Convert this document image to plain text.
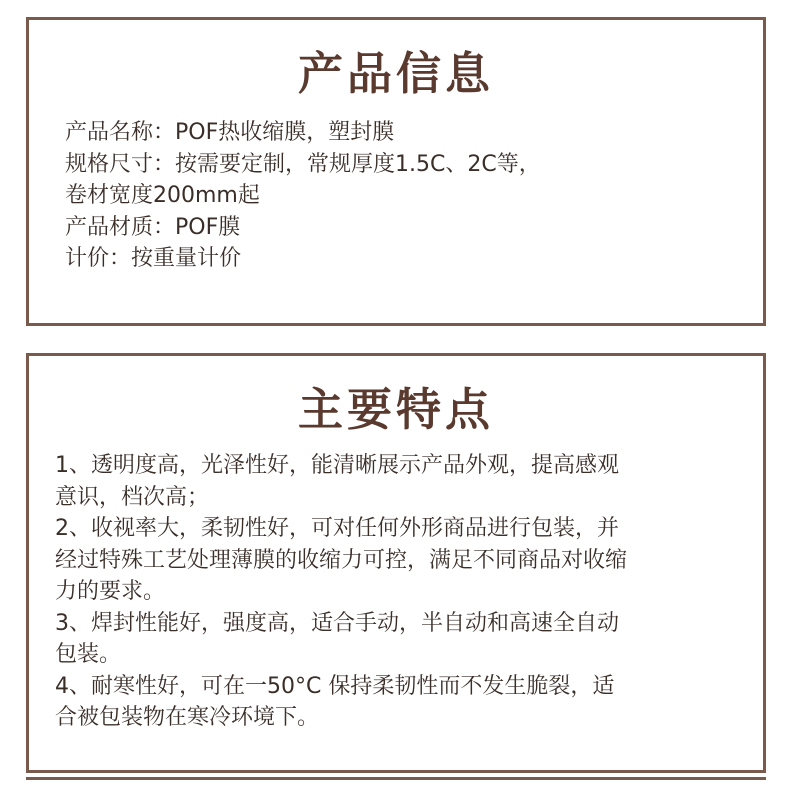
产品信息
产品名称：POF热收缩膜，塑封膜
规格尺寸：按需要定制，常规厚度1.5C、2C等，
卷材宽度200mm起
产品材质：POF膜
计价：按重量计价
主要特点
1、透明度高，光泽性好，能清晰展示产品外观，提高感观
意识，档次高；
2、收视率大，柔韧性好，可对任何外形商品进行包装，并
经过特殊工艺处理薄膜的收缩力可控，满足不同商品对收缩
力的要求。
3、焊封性能好，强度高，适合手动，半自动和高速全自动
包装。
4、耐寒性好，可在一50°C 保持柔韧性而不发生脆裂，适
合被包装物在寒冷环境下。
